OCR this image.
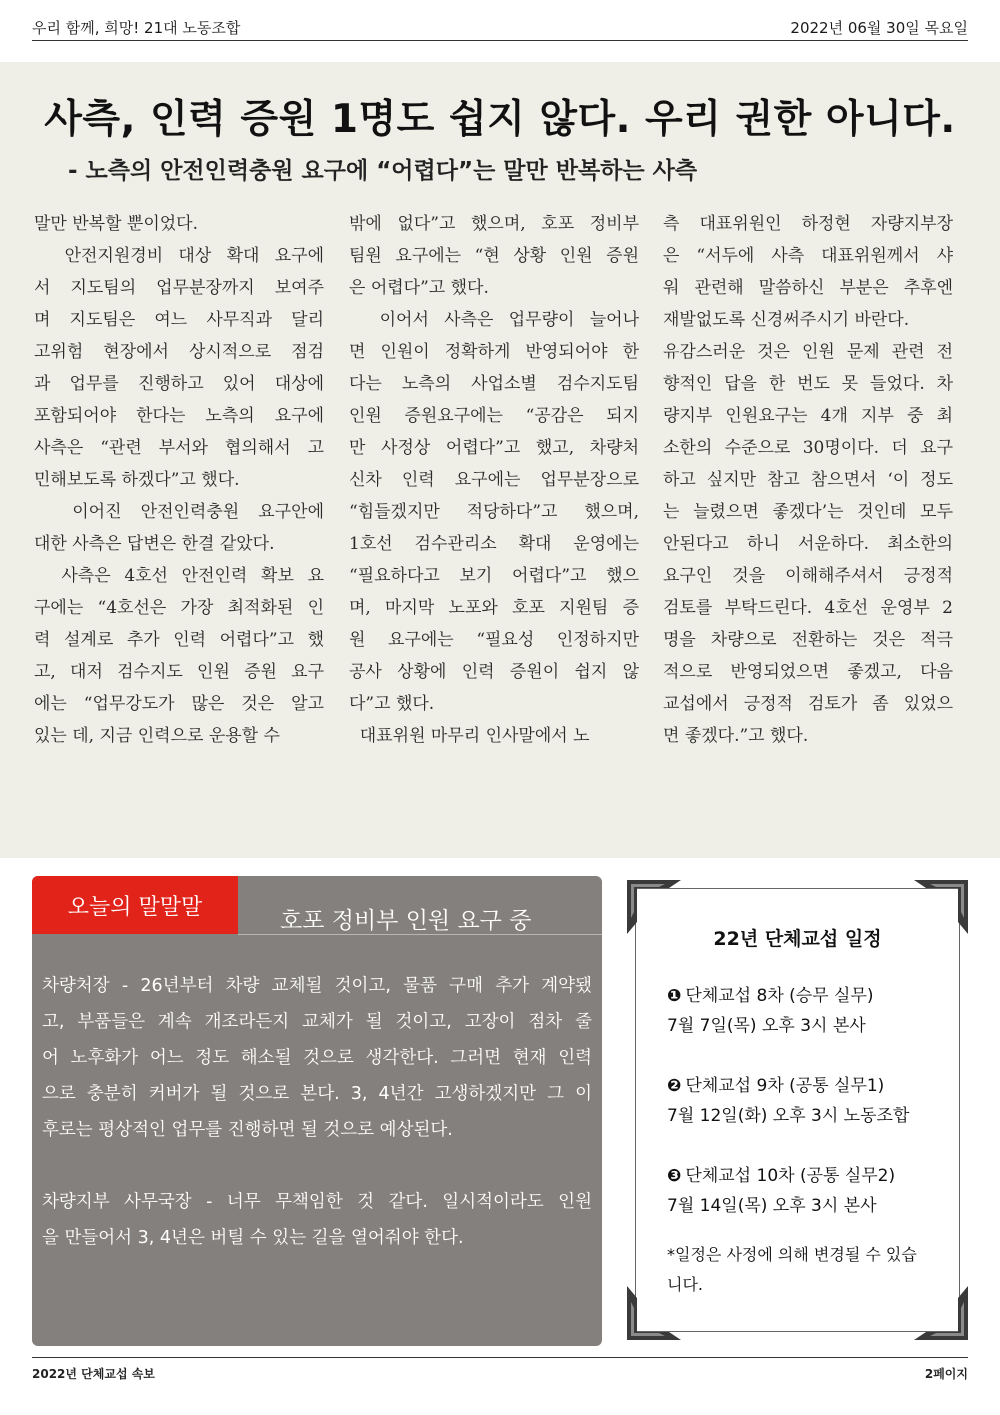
우리 함께, 희망! 21대 노동조합	2022년 06월 30일 목요일
사측, 인력 증원 1명도 쉽지 않다. 우리 권한 아니다.
- 노측의 안전인력충원 요구에 “어렵다”는 말만 반복하는 사측

말만 반복할 뿐이었다.
안전지원경비 대상 확대 요구에
서 지도팀의 업무분장까지 보여주
며 지도팀은 여느 사무직과 달리
고위험 현장에서 상시적으로 점검
과 업무를 진행하고 있어 대상에
포함되어야 한다는 노측의 요구에
사측은 “관련 부서와 협의해서 고
민해보도록 하겠다”고 했다.
이어진 안전인력충원 요구안에
대한 사측은 답변은 한결 같았다.
사측은 4호선 안전인력 확보 요
구에는 “4호선은 가장 최적화된 인
력 설계로 추가 인력 어렵다”고 했
고, 대저 검수지도 인원 증원 요구
에는 “업무강도가 많은 것은 알고
있는 데, 지금 인력으로 운용할 수

밖에 없다”고 했으며, 호포 정비부
팀원 요구에는 “현 상황 인원 증원
은 어렵다”고 했다.
이어서 사측은 업무량이 늘어나
면 인원이 정확하게 반영되어야 한
다는 노측의 사업소별 검수지도팀
인원 증원요구에는 “공감은 되지
만 사정상 어렵다”고 했고, 차량처
신차 인력 요구에는 업무분장으로
“힘들겠지만 적당하다”고 했으며,
1호선 검수관리소 확대 운영에는
“필요하다고 보기 어렵다”고 했으
며, 마지막 노포와 호포 지원팀 증
원 요구에는 “필요성 인정하지만
공사 상황에 인력 증원이 쉽지 않
다”고 했다.
대표위원 마무리 인사말에서 노

측 대표위원인 하정현 자량지부장
은 “서두에 사측 대표위원께서 샤
워 관련해 말씀하신 부분은 추후엔
재발없도록 신경써주시기 바란다.
유감스러운 것은 인원 문제 관련 전
향적인 답을 한 번도 못 들었다. 차
량지부 인원요구는 4개 지부 중 최
소한의 수준으로 30명이다. 더 요구
하고 싶지만 참고 참으면서 ‘이 정도
는 늘렸으면 좋겠다’는 것인데 모두
안된다고 하니 서운하다. 최소한의
요구인 것을 이해해주셔서 긍정적
검토를 부탁드린다. 4호선 운영부 2
명을 차량으로 전환하는 것은 적극
적으로 반영되었으면 좋겠고, 다음
교섭에서 긍정적 검토가 좀 있었으
면 좋겠다.”고 했다.

오늘의 말말말
호포 정비부 인원 요구 중

차량처장 - 26년부터 차량 교체될 것이고, 물품 구매 추가 계약됐
고, 부품들은 계속 개조라든지 교체가 될 것이고, 고장이 점차 줄
어 노후화가 어느 정도 해소될 것으로 생각한다. 그러면 현재 인력
으로 충분히 커버가 될 것으로 본다. 3, 4년간 고생하겠지만 그 이
후로는 평상적인 업무를 진행하면 될 것으로 예상된다.

차량지부 사무국장 - 너무 무책임한 것 같다. 일시적이라도 인원
을 만들어서 3, 4년은 버틸 수 있는 길을 열어줘야 한다.

22년 단체교섭 일정
❶ 단체교섭 8차 (승무 실무)
7월 7일(목) 오후 3시 본사
❷ 단체교섭 9차 (공통 실무1)
7월 12일(화) 오후 3시 노동조합
❸ 단체교섭 10차 (공통 실무2)
7월 14일(목) 오후 3시 본사
*일정은 사정에 의해 변경될 수 있습니다.
2022년 단체교섭 속보	2페이지
